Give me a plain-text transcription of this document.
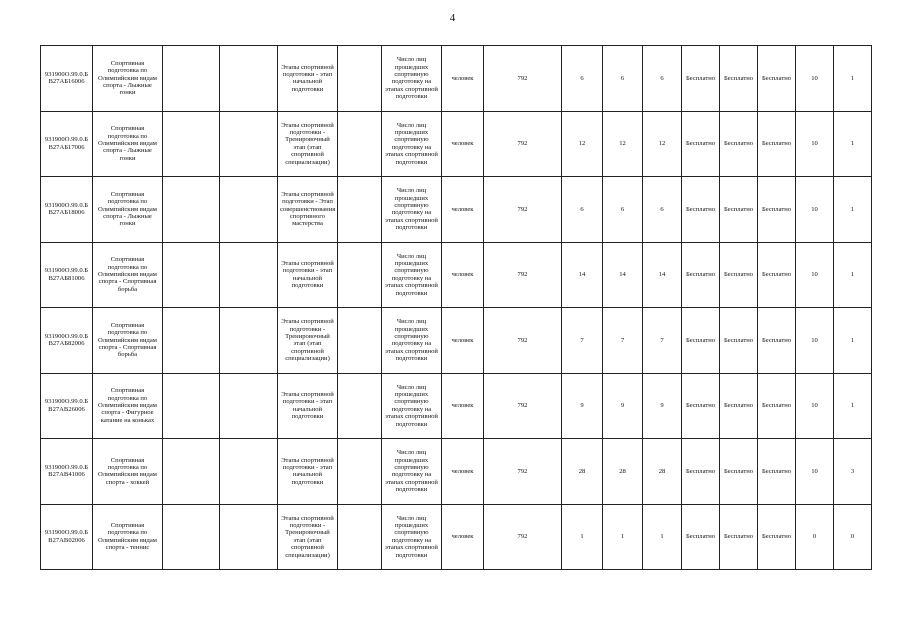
4
931900О.99.0.Б В27АБ16006	Спортивная подготовка по Олимпийским видам спорта - Лыжные гонки			Этапы спортивной подготовки - этап начальной подготовки		Число лиц прошедших спортивную подготовку на этапах спортивной подготовки	человек	792	6	6	6	Бесплатно	Бесплатно	Бесплатно	10	1
931900О.99.0.Б В27АБ17006	Спортивная подготовка по Олимпийским видам спорта - Лыжные гонки			Этапы спортивной подготовки - Тренировочный этап (этап спортивной специализации)		Число лиц прошедших спортивную подготовку на этапах спортивной подготовки	человек	792	12	12	12	Бесплатно	Бесплатно	Бесплатно	10	1
931900О.99.0.Б В27АБ18006	Спортивная подготовка по Олимпийским видам спорта - Лыжные гонки			Этапы спортивной подготовки - Этап совершенствования спортивного мастерства		Число лиц прошедших спортивную подготовку на этапах спортивной подготовки	человек	792	6	6	6	Бесплатно	Бесплатно	Бесплатно	10	1
931900О.99.0.Б В27АБ81006	Спортивная подготовка по Олимпийским видам спорта - Спортивная борьба			Этапы спортивной подготовки - этап начальной подготовки		Число лиц прошедших спортивную подготовку на этапах спортивной подготовки	человек	792	14	14	14	Бесплатно	Бесплатно	Бесплатно	10	1
931900О.99.0.Б В27АБ82006	Спортивная подготовка по Олимпийским видам спорта - Спортивная борьба			Этапы спортивной подготовки - Тренировочный этап (этап спортивной специализации)		Число лиц прошедших спортивную подготовку на этапах спортивной подготовки	человек	792	7	7	7	Бесплатно	Бесплатно	Бесплатно	10	1
931900О.99.0.Б В27АВ26006	Спортивная подготовка по Олимпийским видам спорта - Фигурное катание на коньках			Этапы спортивной подготовки - этап начальной подготовки		Число лиц прошедших спортивную подготовку на этапах спортивной подготовки	человек	792	9	9	9	Бесплатно	Бесплатно	Бесплатно	10	1
931900О.99.0.Б В27АВ41006	Спортивная подготовка по Олимпийским видам спорта - хоккей			Этапы спортивной подготовки - этап начальной подготовки		Число лиц прошедших спортивную подготовку на этапах спортивной подготовки	человек	792	28	28	28	Бесплатно	Бесплатно	Бесплатно	10	3
931900О.99.0.Б В27АВ02006	Спортивная подготовка по Олимпийским видам спорта - теннис			Этапы спортивной подготовки - Тренировочный этап (этап спортивной специализации)		Число лиц прошедших спортивную подготовку на этапах спортивной подготовки	человек	792	1	1	1	Бесплатно	Бесплатно	Бесплатно	0	0
